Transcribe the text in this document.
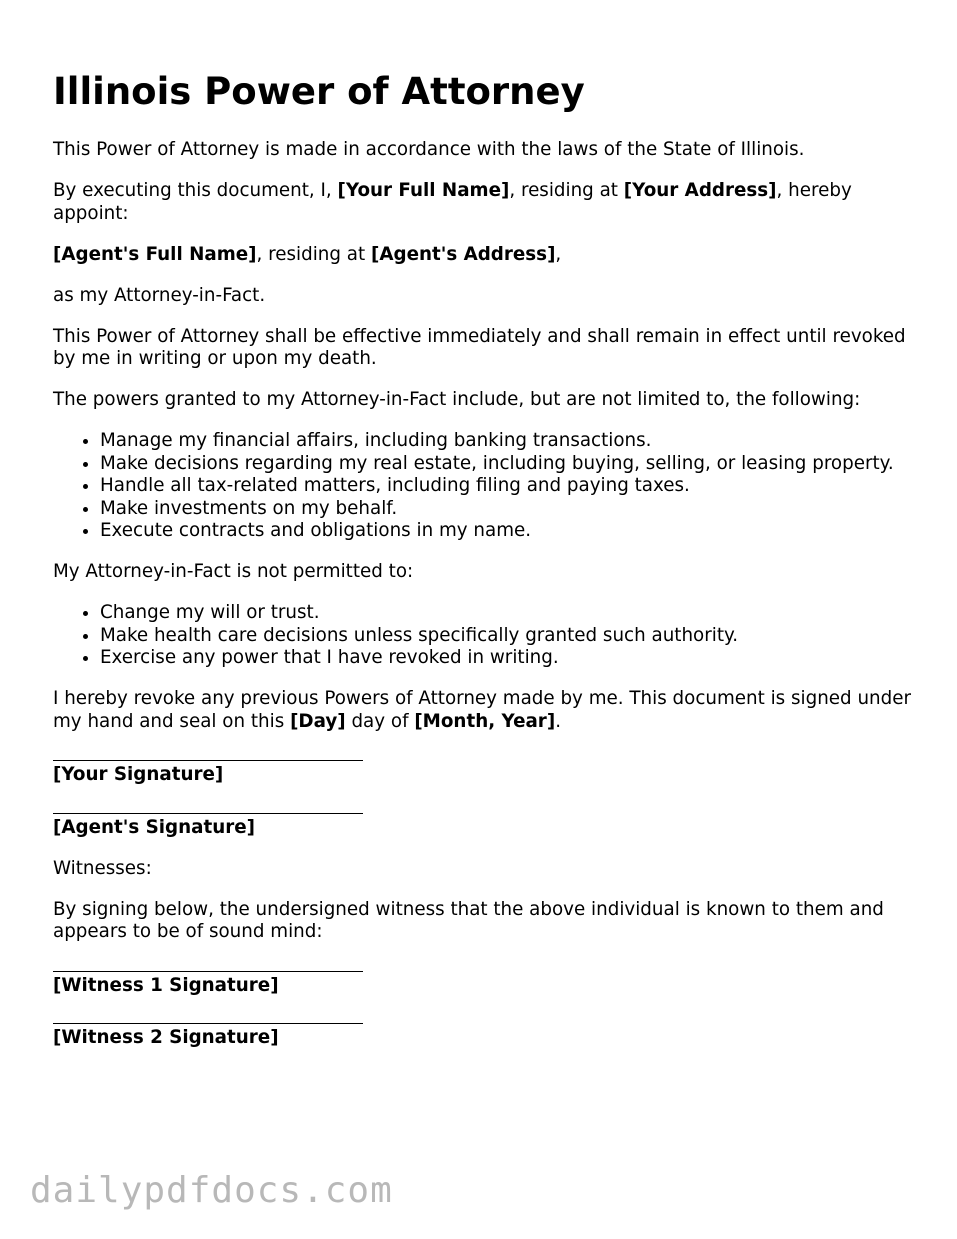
Illinois Power of Attorney

This Power of Attorney is made in accordance with the laws of the State of Illinois.

By executing this document, I, [Your Full Name], residing at [Your Address], hereby appoint:

[Agent's Full Name], residing at [Agent's Address],

as my Attorney-in-Fact.

This Power of Attorney shall be effective immediately and shall remain in effect until revoked by me in writing or upon my death.

The powers granted to my Attorney-in-Fact include, but are not limited to, the following:

• Manage my financial affairs, including banking transactions.
• Make decisions regarding my real estate, including buying, selling, or leasing property.
• Handle all tax-related matters, including filing and paying taxes.
• Make investments on my behalf.
• Execute contracts and obligations in my name.

My Attorney-in-Fact is not permitted to:

• Change my will or trust.
• Make health care decisions unless specifically granted such authority.
• Exercise any power that I have revoked in writing.

I hereby revoke any previous Powers of Attorney made by me. This document is signed under my hand and seal on this [Day] day of [Month, Year].

[Your Signature]
[Agent's Signature]

Witnesses:

By signing below, the undersigned witness that the above individual is known to them and appears to be of sound mind:

[Witness 1 Signature]
[Witness 2 Signature]
dailypdfdocs.com
